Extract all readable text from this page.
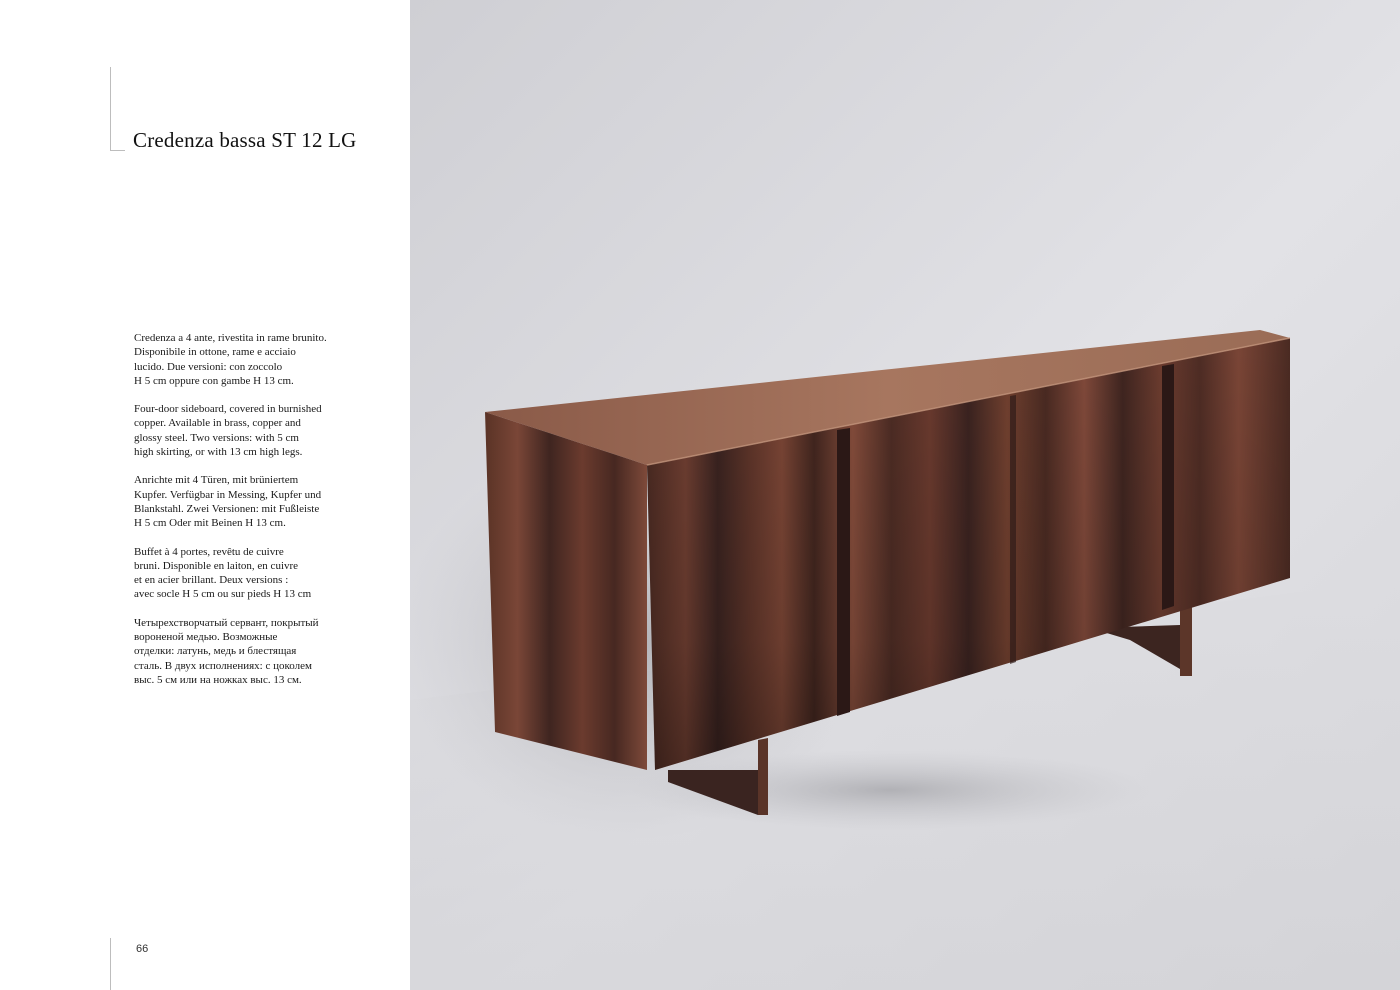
Credenza bassa ST 12 LG

Credenza a 4 ante, rivestita in rame brunito.
Disponibile in ottone, rame e acciaio
lucido. Due versioni: con zoccolo
H 5 cm oppure con gambe H 13 cm.

Four-door sideboard, covered in burnished
copper. Available in brass, copper and
glossy steel. Two versions: with 5 cm
high skirting, or with 13 cm high legs.

Anrichte mit 4 Türen, mit brüniertem
Kupfer. Verfügbar in Messing, Kupfer und
Blankstahl. Zwei Versionen: mit Fußleiste
H 5 cm Oder mit Beinen H 13 cm.

Buffet à 4 portes, revêtu de cuivre
bruni. Disponible en laiton, en cuivre
et en acier brillant. Deux versions :
avec socle H 5 cm ou sur pieds H 13 cm

Четырехстворчатый сервант, покрытый
вороненой медью. Возможные
отделки: латунь, медь и блестящая
сталь. В двух исполнениях: с цоколем
выс. 5 см или на ножках выс. 13 см.

66
